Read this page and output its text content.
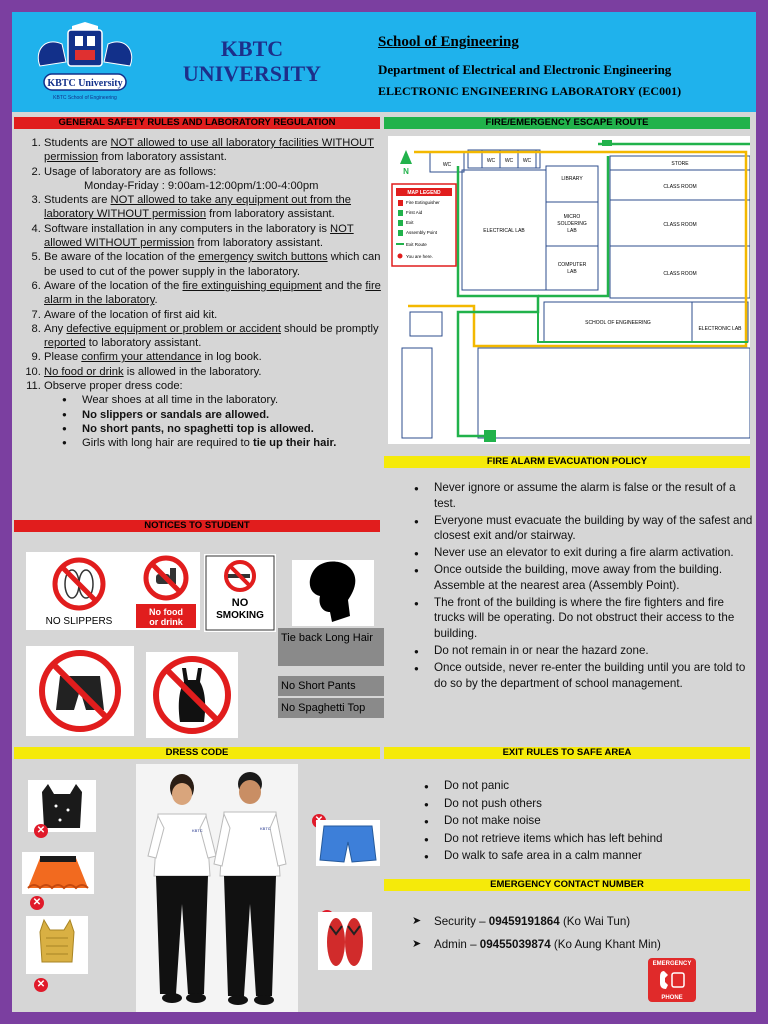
KBTC University
KBTC School of Engineering
KBTC UNIVERSITY
School of Engineering
Department of Electrical and Electronic Engineering
ELECTRONIC ENGINEERING LABORATORY (EC001)
GENERAL SAFETY RULES AND LABORATORY REGULATION	FIRE/EMERGENCY ESCAPE ROUTE
FIRE ALARM EVACUATION POLICY
NOTICES TO STUDENT
DRESS CODE	EXIT RULES TO SAFE AREA
EMERGENCY CONTACT NUMBER
1. Students are NOT allowed to use all laboratory facilities WITHOUT permission from laboratory assistant.
2. Usage of laboratory are as follows:
Monday-Friday : 9:00am-12:00pm/1:00-4:00pm
3. Students are NOT allowed to take any equipment out from the laboratory WITHOUT permission from laboratory assistant.
4. Software installation in any computers in the laboratory is NOT allowed WITHOUT permission from laboratory assistant.
5. Be aware of the location of the emergency switch buttons which can be used to cut of the power supply in the laboratory.
6. Aware of the location of the fire extinguishing equipment and the fire alarm in the laboratory.
7. Aware of the location of first aid kit.
8. Any defective equipment or problem or accident should be promptly reported to laboratory assistant.
9. Please confirm your attendance in log book.
10. No food or drink is allowed in the laboratory.
11. Observe proper dress code:
● Wear shoes at all time in the laboratory.
● No slippers or sandals are allowed.
● No short pants, no spaghetti top is allowed.
● Girls with long hair are required to tie up their hair.
N
MAP LEGEND
Fire Extinguisher
First Aid
Exit
Assembly Point
Exit Route
You are here.
WC
WC WC WC
LIBRARY
MICRO
SOLDERING
LAB
ELECTRICAL LAB
COMPUTER
LAB
STORE
CLASS ROOM
CLASS ROOM
CLASS ROOM
SCHOOL OF ENGINEERING
ELECTRONIC LAB
● Never ignore or assume the alarm is false or the result of a test.
● Everyone must evacuate the building by way of the safest and closest exit and/or stairway.
● Never use an elevator to exit during a fire alarm activation.
● Once outside the building, move away from the building. Assemble at the nearest area (Assembly Point).
● The front of the building is where the fire fighters and fire trucks will be operating. Do not obstruct their access to the building.
● Do not remain in or near the hazard zone.
● Once outside, never re-enter the building until you are told to do so by the department of school management.
NO SLIPPERS
No food
or drink
NO
SMOKING
Tie back Long Hair
No Short Pants
No Spaghetti Top
✕
✕
✕
KBTC	KBTC
● Do not panic
● Do not push others
● Do not make noise
● Do not retrieve items which has left behind
● Do walk to safe area in a calm manner
➤ Security – 09459191864 (Ko Wai Tun)
➤ Admin – 09455039874 (Ko Aung Khant Min)
EMERGENCY
PHONE
